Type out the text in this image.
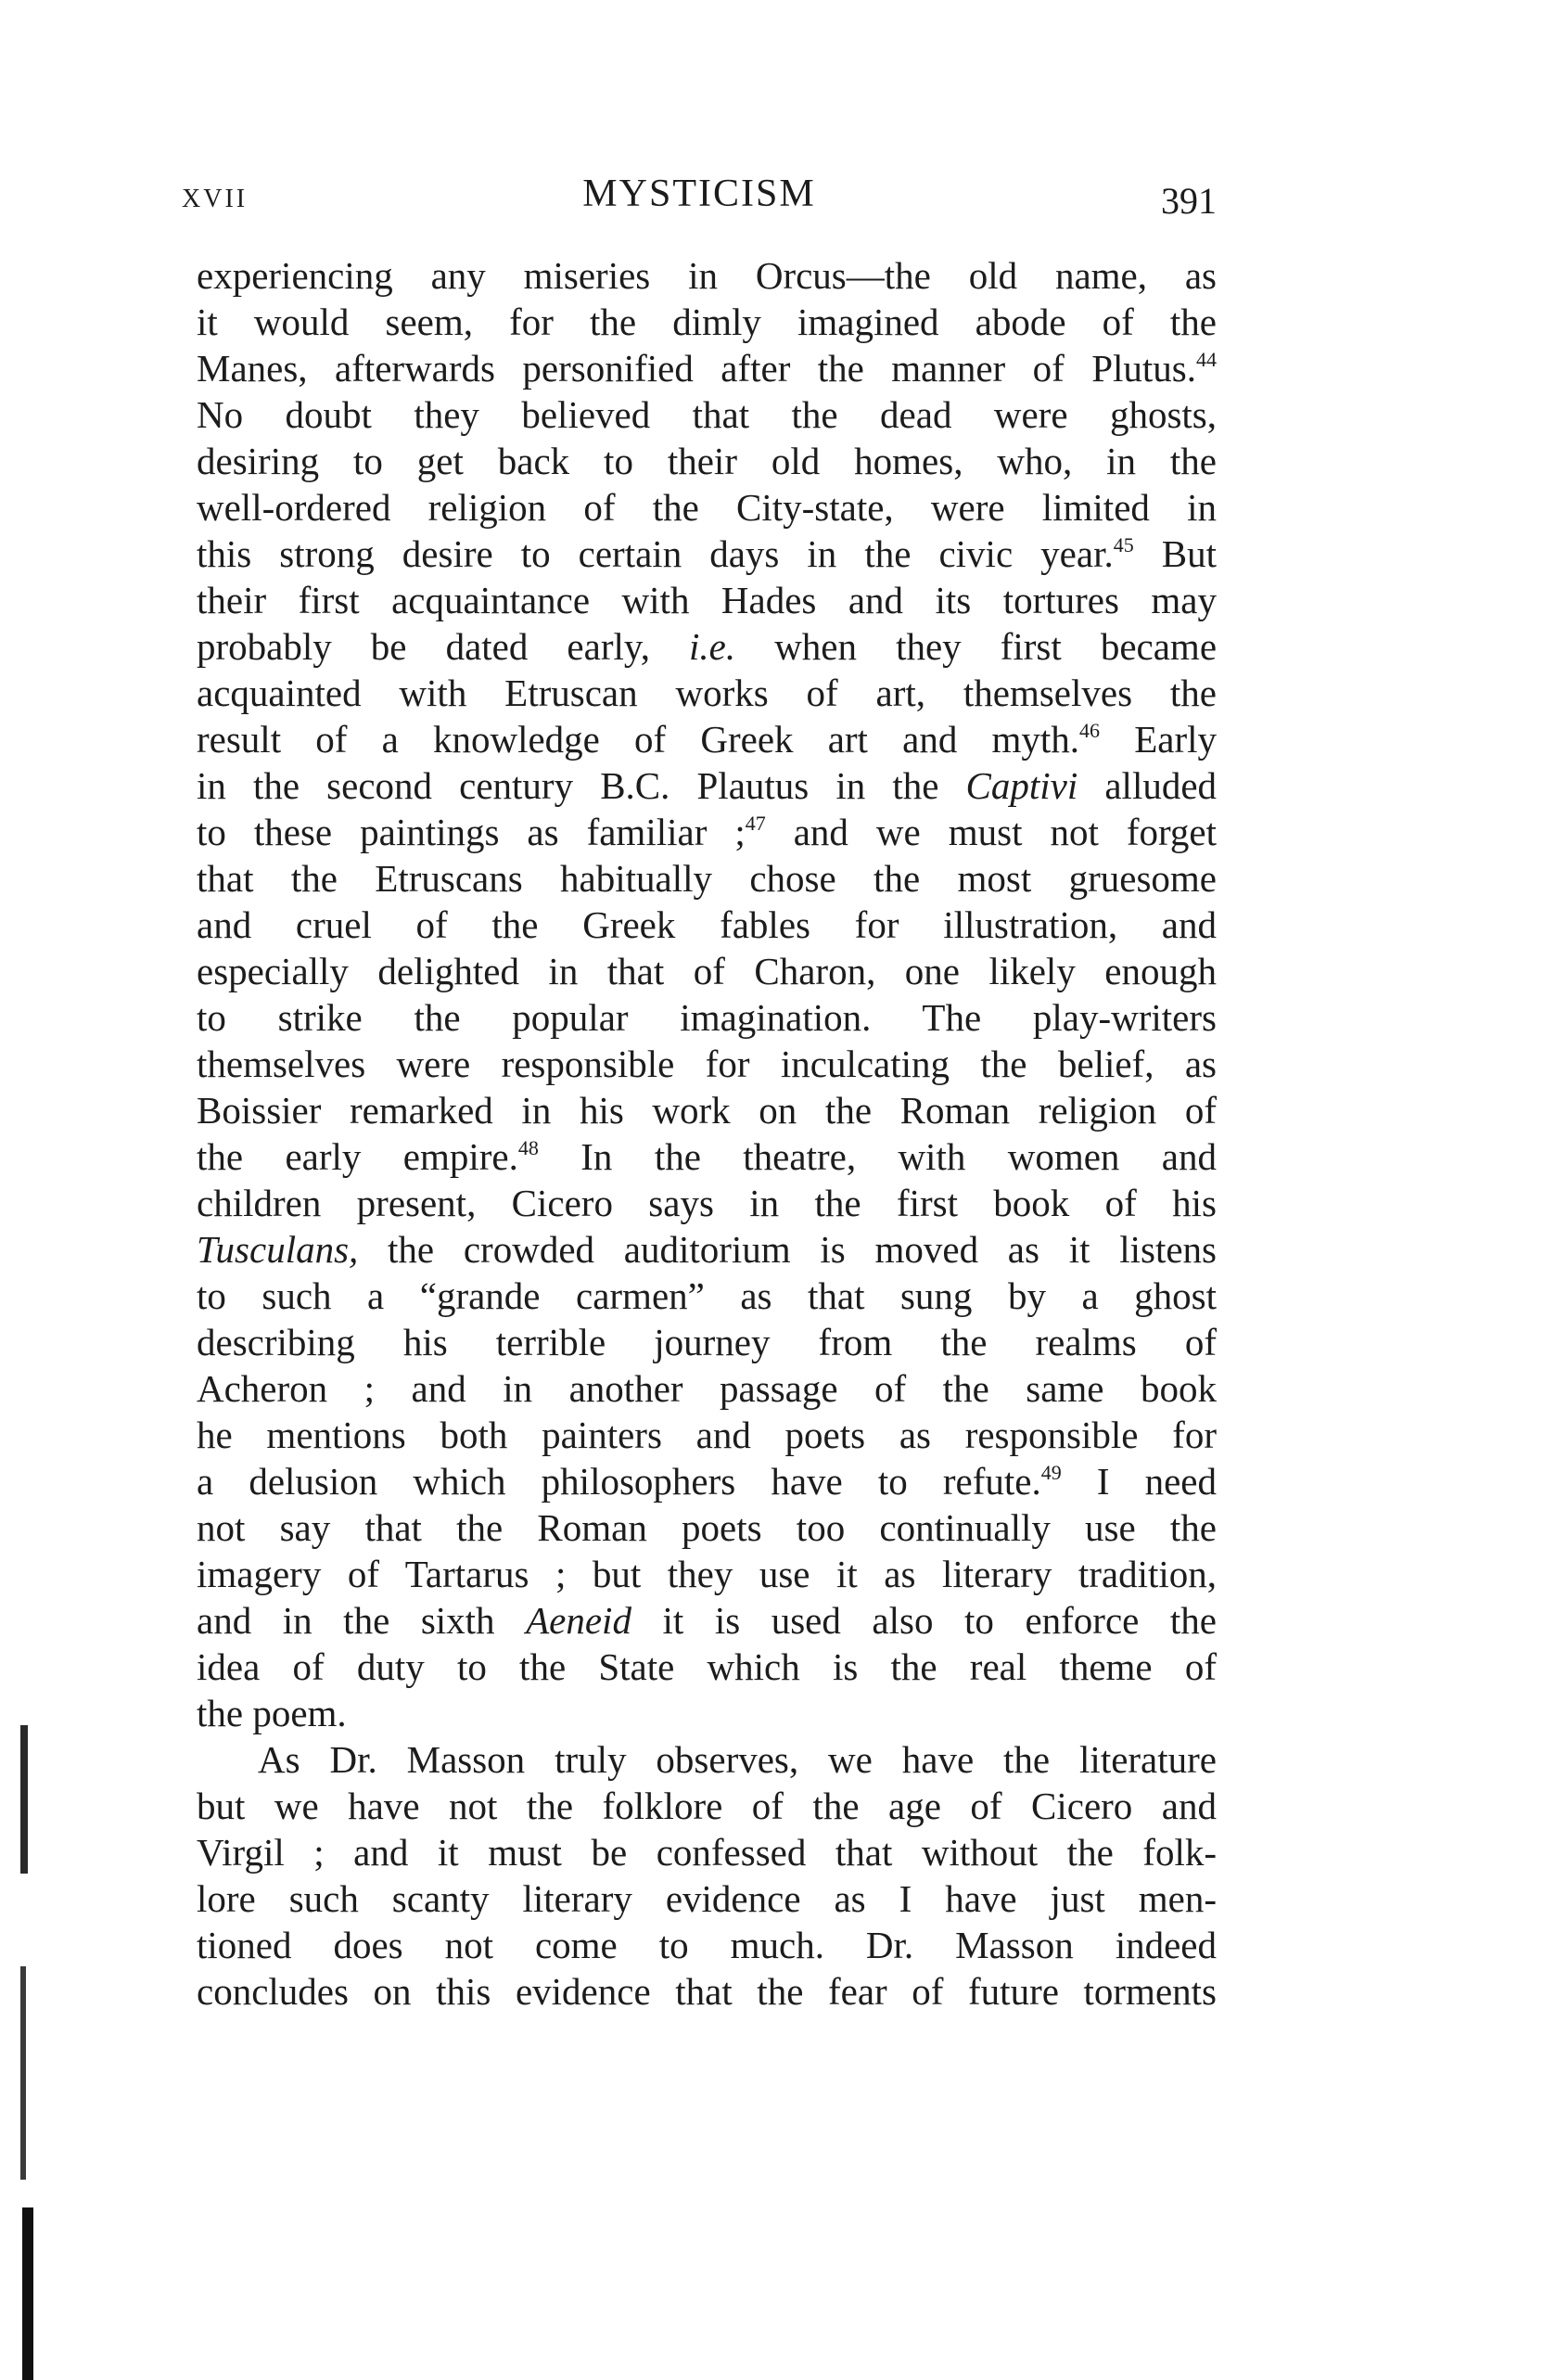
XVII	MYSTICISM	391
experiencing any miseries in Orcus—the old name, as
it would seem, for the dimly imagined abode of the
Manes, afterwards personified after the manner of Plutus.$^{44}$
No doubt they believed that the dead were ghosts,
desiring to get back to their old homes, who, in the
well-ordered religion of the City-state, were limited in
this strong desire to certain days in the civic year.$^{45}$ But
their first acquaintance with Hades and its tortures may
probably be dated early, i.e. when they first became
acquainted with Etruscan works of art, themselves the
result of a knowledge of Greek art and myth.$^{46}$ Early
in the second century B.C. Plautus in the Captivi alluded
to these paintings as familiar ;$^{47}$ and we must not forget
that the Etruscans habitually chose the most gruesome
and cruel of the Greek fables for illustration, and
especially delighted in that of Charon, one likely enough
to strike the popular imagination. The play-writers
themselves were responsible for inculcating the belief, as
Boissier remarked in his work on the Roman religion of
the early empire.$^{48}$ In the theatre, with women and
children present, Cicero says in the first book of his
Tusculans, the crowded auditorium is moved as it listens
to such a “grande carmen” as that sung by a ghost
describing his terrible journey from the realms of
Acheron ; and in another passage of the same book
he mentions both painters and poets as responsible for
a delusion which philosophers have to refute.$^{49}$ I need
not say that the Roman poets too continually use the
imagery of Tartarus ; but they use it as literary tradition,
and in the sixth Aeneid it is used also to enforce the
idea of duty to the State which is the real theme of
the poem.
As Dr. Masson truly observes, we have the literature
but we have not the folklore of the age of Cicero and
Virgil ; and it must be confessed that without the folk-
lore such scanty literary evidence as I have just men-
tioned does not come to much. Dr. Masson indeed
concludes on this evidence that the fear of future torments
